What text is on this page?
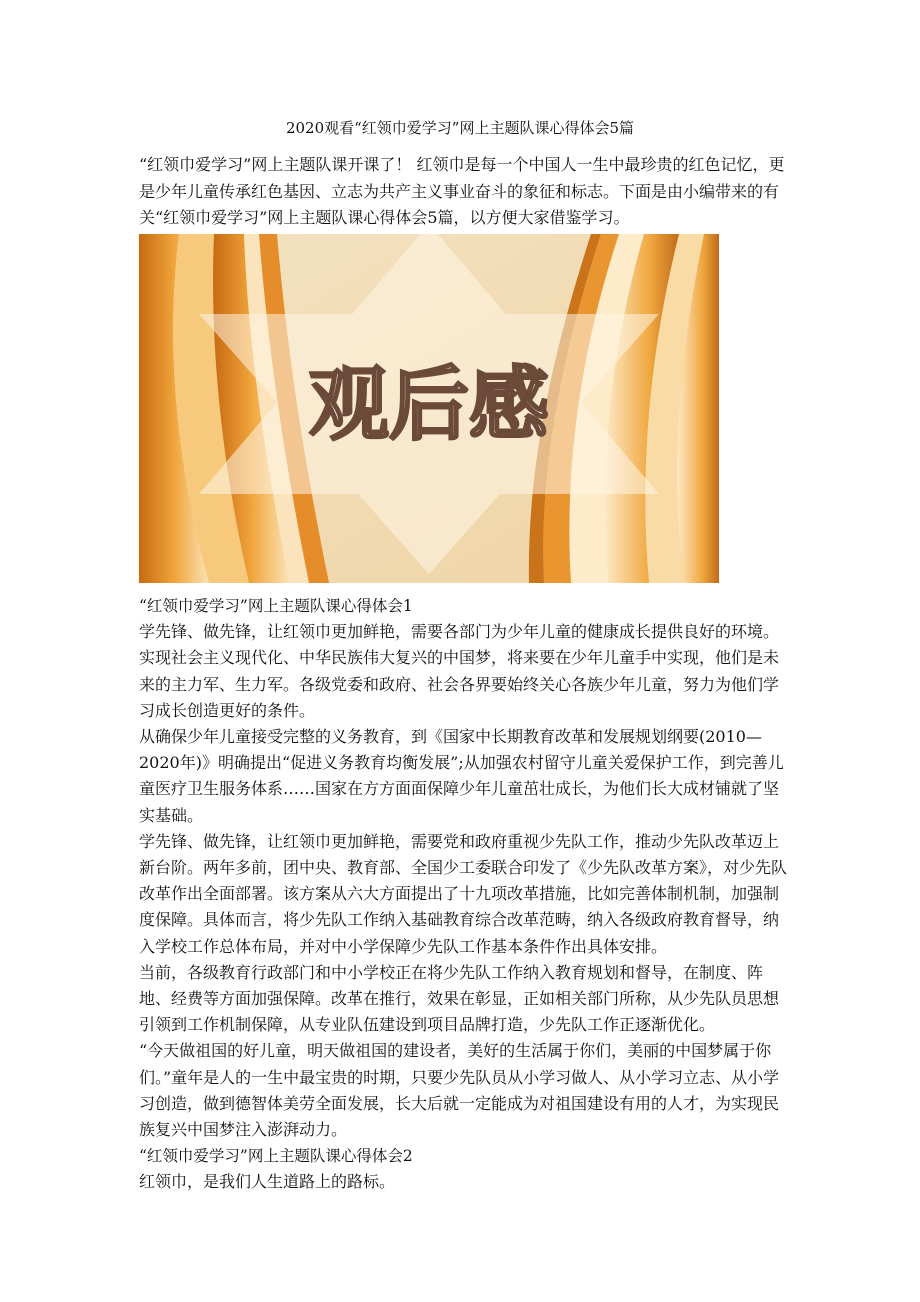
2020观看“红领巾爱学习”网上主题队课心得体会5篇

“红领巾爱学习”网上主题队课开课了！ 红领巾是每一个中国人一生中最珍贵的红色记忆，更是少年儿童传承红色基因、立志为共产主义事业奋斗的象征和标志。下面是由小编带来的有关“红领巾爱学习”网上主题队课心得体会5篇，以方便大家借鉴学习。

观后感

“红领巾爱学习”网上主题队课心得体会1

学先锋、做先锋，让红领巾更加鲜艳，需要各部门为少年儿童的健康成长提供良好的环境。实现社会主义现代化、中华民族伟大复兴的中国梦，将来要在少年儿童手中实现，他们是未来的主力军、生力军。各级党委和政府、社会各界要始终关心各族少年儿童，努力为他们学习成长创造更好的条件。

从确保少年儿童接受完整的义务教育，到《国家中长期教育改革和发展规划纲要(2010—2020年)》明确提出“促进义务教育均衡发展”;从加强农村留守儿童关爱保护工作，到完善儿童医疗卫生服务体系……国家在方方面面保障少年儿童茁壮成长，为他们长大成材铺就了坚实基础。

学先锋、做先锋，让红领巾更加鲜艳，需要党和政府重视少先队工作，推动少先队改革迈上新台阶。两年多前，团中央、教育部、全国少工委联合印发了《少先队改革方案》，对少先队改革作出全面部署。该方案从六大方面提出了十九项改革措施，比如完善体制机制，加强制度保障。具体而言，将少先队工作纳入基础教育综合改革范畴，纳入各级政府教育督导，纳入学校工作总体布局，并对中小学保障少先队工作基本条件作出具体安排。

当前，各级教育行政部门和中小学校正在将少先队工作纳入教育规划和督导，在制度、阵地、经费等方面加强保障。改革在推行，效果在彰显，正如相关部门所称，从少先队员思想引领到工作机制保障，从专业队伍建设到项目品牌打造，少先队工作正逐渐优化。

“今天做祖国的好儿童，明天做祖国的建设者，美好的生活属于你们，美丽的中国梦属于你们。”童年是人的一生中最宝贵的时期，只要少先队员从小学习做人、从小学习立志、从小学习创造，做到德智体美劳全面发展，长大后就一定能成为对祖国建设有用的人才，为实现民族复兴中国梦注入澎湃动力。

“红领巾爱学习”网上主题队课心得体会2

红领巾，是我们人生道路上的路标。
